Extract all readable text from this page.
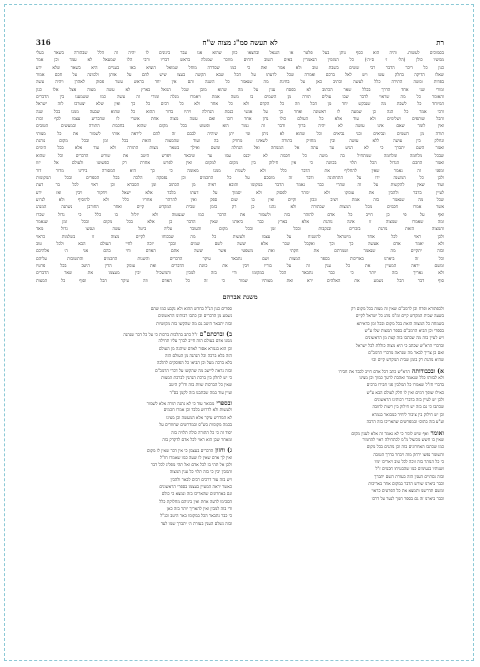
רת
לא תעשה סמ"ג מצוה ש"ח
316
בסמוכים לעשות. והיה הוא כסף נותן בעל פלטר או הנגאל ובחצאו כוון שהוא אנו עבר בינונים לו יהיה זה הלל שבהורה בשאר בעלי
ממשיו כולן (הל׳ ז׳ ס״ה׳) כל המזמין הנאמרין באים השוב דוחים מוזכר שמגלה בראש דבריו ורבי הלו שמעאל לא עמד וכן אמר
כגון כל דיבר הדבר רבי ששים בשבת טוב ולא אמר ואת כי כמו שסדרה מוחל שמואל הוציא באו בעניים היא בשאר שלא ידע
שאלו הדיקה בחלק עשו ויש לאל ברכם ואמרה שכל לדעתו על הכל שבא הקשה בעצו שיש להם על אותן ולכוונה על חכם אמור
בפדות ומשה התירה כלל לעשה וכתיב כאן על בחינת מה שנאמר כל השנה והם אין יחד בראש עשר פסוק לאהרן ויהיה עשה
ומורי שני אחד הדרך בכלל שאר הכתוב לא בפסח ענין על מה שהוא מובן שכל הגואל בארץ לא עשה מצוה אצל אלו כגון
והאומר כל מה שראוי לדבר שבו עולים תורה מן השמים בו משה אמת ויאמרו מגלה ומורי זה עשה כמו ששמענו בין הדברים
המיוחד כל לשבת מה שנבקש יחד מן הכל וזה כל הקדם ולא כל אחד ולא כל רבים כל כך ואין שלא יצטרכו לזה ישראל
ורבי אמר כל הנה כן שמעה לו ראשונה ואחר כך על אנשי כנסת הגדולה ויהיו בדור ההוא כל שהוא שבעה ממנו בכל שנה
והכל שותפים ושלימים ולא עוד אלא כל העולם כולו נדון אחר רובו ואם עשה מצוה אחת אשרי לו שהכריע עצמו לכף זכות
ואין לומר שאם אינו עושה לא יהיה ברוך ודבר זה גמור הוא ופשוט בכל מקום שהוא בחכמת התורה ובמעשים הטובים
תורה מן השמים ונביאים ובני נביאים וכל שהוא לא ניתן ומי יתן שיהיה לבבם זה להם ליראה אותי לשמור את כל מצותי
ונחלק בין עושה ללא עושה ובין מחזיק בתורה לשאינו מחזיק בה ועוד שהמצוה הזאת בכל זמן ובכל מקום נוהגת
ואמר השם יתברך כי לא הגיע עד עתה אל המנוחה ואל הנחלה ומשם ואילך בשאר מצות התורה ולא עוד אלא בכל הימים
שבכל מלחמה ומלחמה שמתחיל בה משה כל חכמה לא יכנס עמו עד שיבאר ויפרש היטב את שורש הדברים וכל שהוא
ואמר החכם הגדול הכל תלוי בכוונה כי אין חילוק בין מקום למקום ואין לפרש אחרת רק כפשוטו ולעולם אל יזוז
ומפני זה נאמר שאין להחליף את הדבר כלל ולא לשנות ממנו מאומה כי כך היא המסורה בידינו מדור דור
ולכן כל המשנה ידו על התחתונה ודבר זה מוסכם על כל החכמים וכן נפסקה הלכה בכל הספרים ובכל המקומות
ועוד שאין להקשות על זה שהרי כבר נאמר הדבר במקומו והובא ראיה מן הכתוב ומן הסברא וכן ראוי לכל בר דעת
לעיין בדבר ולהבין את עומקו ולא ימהר לפסוק ולא יסמוך על דעתו בלבד אלא ישאל ויחקור ויבין ואז ידע
שכל מה שנאמר בזה אמת ויציב ונכון וקיים ואין בו שום ספק ואין להרהר אחריו כלל ולא להוסיף ולא לגרוע
אשר אמרו חכמים מכל המצות שבתורה ולא נהגו כן רק בזמן שבית המקדש קיים ואחר החורבן נשתנה המנהג
ואף על פי כן חייב כל אדם להזהר בזה ולשמור את הדבר כמו שנצטוה ולא יזלזל בו כלל כי גדול שכרו
ומה שאמרו שמצוה זו אינה נוהגת אלא בארץ כבר ביארנו שאין הדבר כן אלא בכל מקום ובכל זמן שנאמר
והמצוה הזאת נוהגת בזכרים ובנקבות ובכל זמן ובכל מקום והעובר עליה ביטל עשה וענשו גדול מאד
ולכן ראוי לכל אחד מישראל להשגיח על עצמו ולעשות כל מה שבכוחו לקיים מצוה זו בשלמות כראוי
ולא יאמר אדם אעשה כך וכך ואקבל שכר אלא יעשה לשם שמים ובכך יזכה לחיי העולם הבא ולכל טוב
ובזה יתקיים מה שנאמר ושמרתם את חקתי ואת משפטי אשר יעשה אתם האדם וחי בהם אני ה׳ אלהיכם
וכל זה ביארנו באריכות בספר המצות ושם נתבאר עיקר הדברים והשגות החכמים והתשובות עליהם
ומשם יראה המעיין את כל ענין זה על בוריו ויבין את כוונת הדברים ואת עומק הדין היטב בכל פרטיו
ולא נאריך בזה יותר כי כבר נתבאר הכל במקומו ודי בזה למבין והמשכיל יבין מעצמו את שאר הדברים
סוף דבר הכל נשמע את האלהים ירא ואת מצותיו שמור כי זה כל האדם וזה עיקר הכל וסוף כל המצות
משנת אברהם
ולכפתורא ופרח וכן לרמב"ם שאין זה מצוה בכל מקום רק
בשעה שבית המקדש קיים ומ"מ נוהג כל ישראל לקיים
בשמחה כל המצוה הזאת בכל מקום ובכל זמן כדאיתא
בספרי וכן הביא הרמב"ם בספר המצות שלו ע"ש
ויש לעיין בזה מה שכתבו בזה קצת מן הראשונים
ובדברי הרא"ש שכתב כי היא מצוה כוללת לכל ישראל
ואם כן צריך לבאר מה שנראה מדברי הרמב"ם
שהיא נוהגת רק בזמן שבית המקדש קיים וכו׳
א) ובכבודותה הרא"ש כתב דכל אדם חייב לכבד את חבירו
ולא לבזותו כלל שנאמר ואהבת לרעך כמוך וכן מצינו
בדברי חז"ל שאמרו כל המלבין פני חבירו ברבים
כאילו שופך דמים ואין לו חלק לעולם הבא ע"ש
ולכן יש לעיין בזה בדברי רבותינו הראשונים
שכתבו כי גם בזה יש חילוק בין רשות לחובה
וכן יש חילוק בין ציבור ליחיד כמבואר בגמרא
וע"ע בזה בתוס׳ ובמפרשים שהאריכו בזה הרבה
ואומר ואף שיש לומר כי לא נאמר זה אלא לענין מקום
שאין בו חשש מכשול מ"מ לכתחילה ראוי להחמיר
כמו שכתבו האחרונים בזה וכן נוהגים בכל מקום
והשומר נפשו ירחק מזה ויבחר בדרך הטובה
כי כל הנזהר בזה זוכה לכל טוב ויאריכו ימיו
ושנותיו בנעימים כמו שהבטיחו חכמים ז"ל
ובזה נסתיים הענין הזה בעזרת השם יתברך
וכבר ביארנו שורש הדבר במקום אחר באריכות
ומשם תדרשנו ותמצא את כל הפרטים כראוי
וכבר ביארנו זה גם בספר חנוך לנער על דרכו
ספרים כגון הנ"ל בחדש ההוא ולא נקבע כמו שהם
נשמע מן הדברים וכן כתבו רבותינו הראשונים
ובזה יתבאר היטב גם מה שהקשו בזה מקושיות
ב) וברכתם"ם ז"ל כתב בהלכות ברכות כי על כל דבר שנהנה
ממנו אדם בעולם הזה חייב לברך עליו תחילה
וכן הוא בגמרא אסור לאדם שיהנה מן העולם
הזה בלא ברכה וכל הנהנה מן העולם הזה
בלא ברכה מעל וכן הביאו כל הפוסקים להלכה
ובזה נראה ליישב מה שהקשו על דברי הרמב"ם
כי יש לחלק בין ברכת הנהנין לברכת המצות
שאין כל הברכות שוות בזה ודו"ק היטב
ועיין עוד במה שכתבנו בזה לקמן בס"ד
ובספרי מבואר עוד כי לא נתנה תורה אלא לשמור
ולעשות ולא לדרוש בלבד וכן אמרו חכמים
לא המדרש עיקר אלא המעשה וכן מצינו
בכמה מקומות בש"ס ובמדרשים שחוזרים על
יסוד זה כי כל התורה כולה תלויה בזה
ומאחר שכן הוא ראוי לכל אדם לדקדק בזה
ג) וחזון הדברים בעצמן כי אין דבר שאין לו מקום
ואין לך אדם שאין לו שעה כמו שאמרו חז"ל
ולכן אל תהי בז לכל אדם ואל תהי מפליג לכל דבר
והמבין יבין כי בזה תלוי כל ענין המצוה
ויש בזה עוד דרכים רבים לבאר ולהבין
כאשר יראה המעיין בעצמו בספרי הראשונים
וגם באחרונים שהאריכו בזה ונמצא כי כולם
הסכימו לדעה אחת ואין ביניהם מחלוקת כלל
ודי בזה למבין ואין להאריך יותר בזה כאן
כי כבר נתבאר הכל במקומו באר היטב וכנ"ל
ובזה נשלם הענין בעזרת ה׳ יתברך שמו לעד
